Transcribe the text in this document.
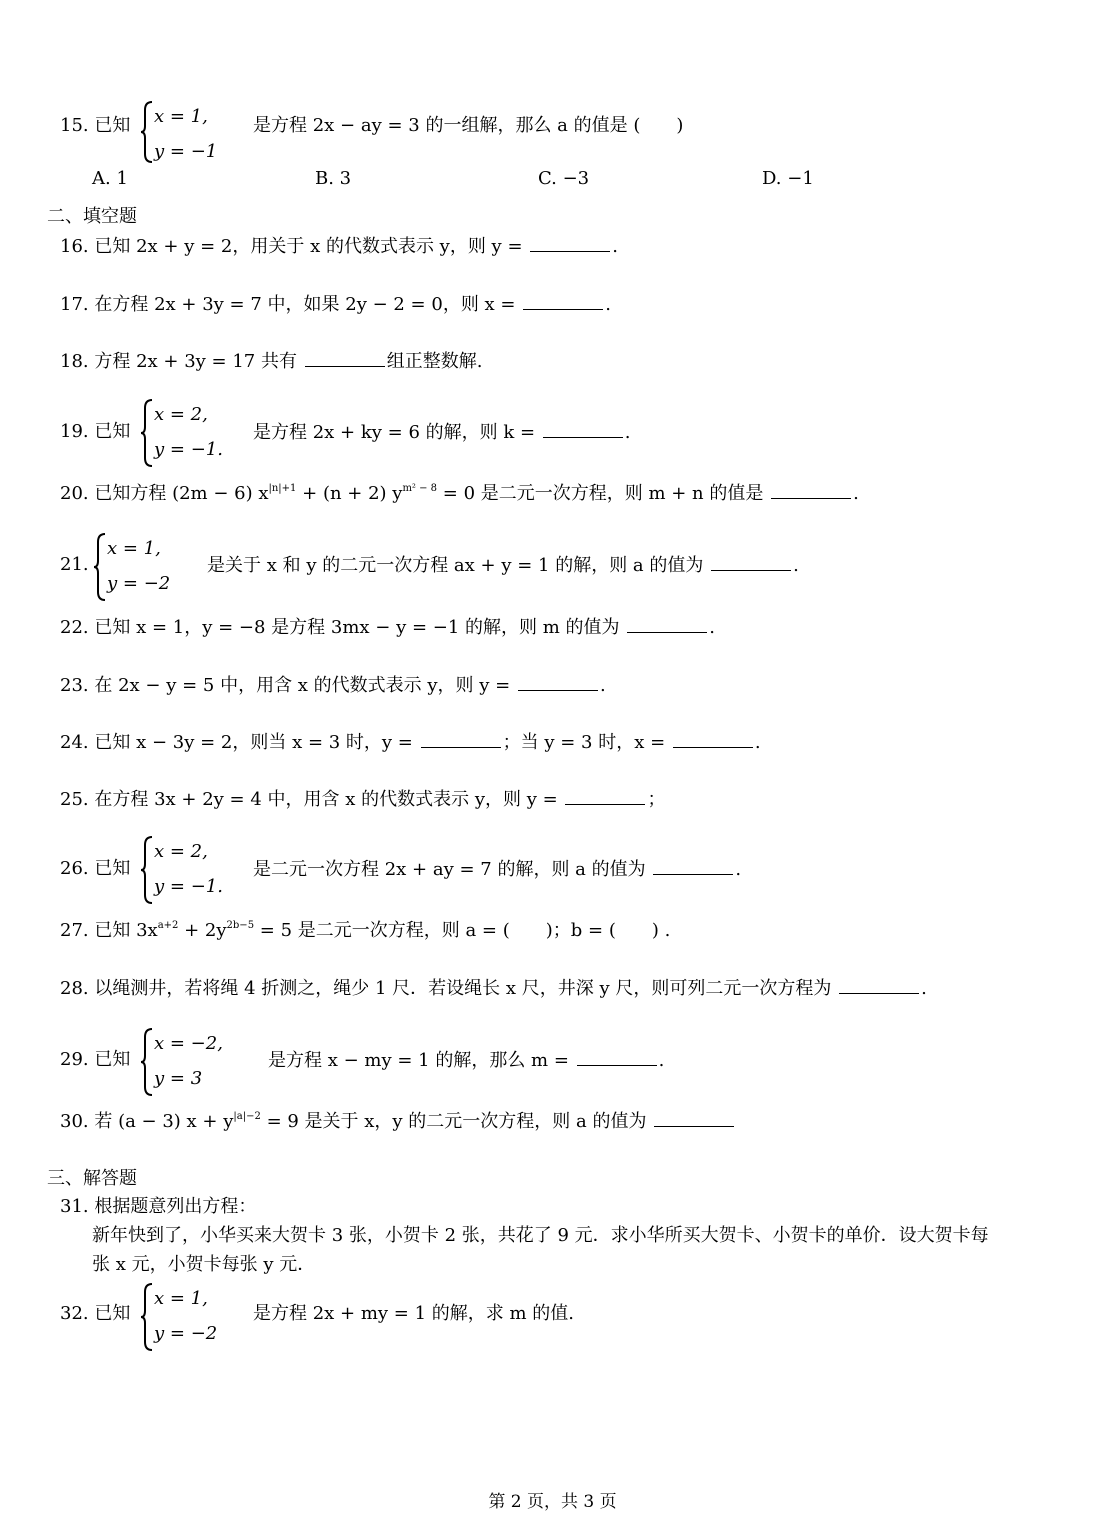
15. 已知 x = 1,
y = −1
是方程 2x − ay = 3 的一组解，那么 a 的值是 (　　)
A. 1	B. 3	C. −3	D. −1
二、填空题
16. 已知 2x + y = 2，用关于 x 的代数式表示 y，则 y =	.
17. 在方程 2x + 3y = 7 中，如果 2y − 2 = 0，则 x =	.
18. 方程 2x + 3y = 17 共有	组正整数解.
19. 已知
x = 2,
y = −1.
是方程 2x + ky = 6 的解，则 k =	.
20. 已知方程 (2m − 6) $x^{|n|+1} + (n + 2) y^{m^2 - 8} = 0$ 是二元一次方程，则 m + n 的值是	.
21.
x = 1,
y = −2
是关于 x 和 y 的二元一次方程 ax + y = 1 的解，则 a 的值为	.
22. 已知 x = 1，y = −8 是方程 3mx − y = −1 的解，则 m 的值为	.
23. 在 2x − y = 5 中，用含 x 的代数式表示 y，则 y =	.
24. 已知 x − 3y = 2，则当 x = 3 时，y =	；当 y = 3 时，x =	.
25. 在方程 3x + 2y = 4 中，用含 x 的代数式表示 y，则 y =	；
26. 已知
x = 2,
y = −1.
是二元一次方程 2x + ay = 7 的解，则 a 的值为	.
27. 已知 $3x^{a+2} + 2y^{2b-5} = 5$ 是二元一次方程，则 a = (　　)；b = (　　) .
28. 以绳测井，若将绳 4 折测之，绳少 1 尺．若设绳长 x 尺，井深 y 尺，则可列二元一次方程为	.
29. 已知
x = −2,
y = 3
是方程 x − my = 1 的解，那么 m =	.
30. 若 (a − 3) $x + y^{|a|-2} = 9$ 是关于 x，y 的二元一次方程，则 a 的值为
三、解答题
31. 根据题意列出方程：
新年快到了，小华买来大贺卡 3 张，小贺卡 2 张，共花了 9 元．求小华所买大贺卡、小贺卡的单价．设大贺卡每
张 x 元，小贺卡每张 y 元．
32. 已知
x = 1,
y = −2
是方程 2x + my = 1 的解，求 m 的值.
第 2 页，共 3 页
